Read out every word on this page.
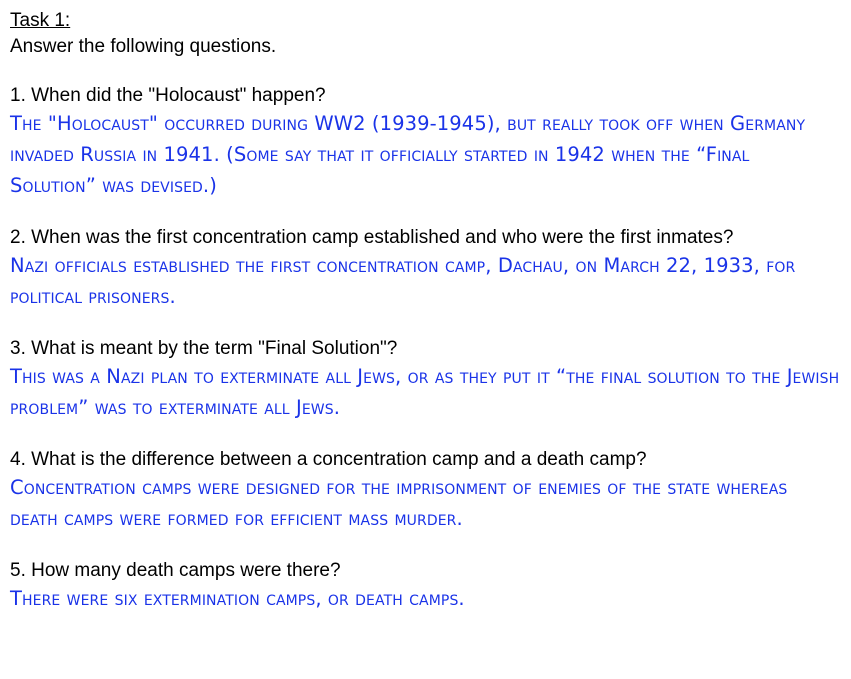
Task 1:

Answer the following questions.

1. When did the "Holocaust" happen?

The "Holocaust" occurred during WW2 (1939-1945), but really took off when Germany invaded Russia in 1941. (Some say that it officially started in 1942 when the “Final Solution” was devised.)

2. When was the first concentration camp established and who were the first inmates?

Nazi officials established the first concentration camp, Dachau, on March 22, 1933, for political prisoners.

3. What is meant by the term "Final Solution"?

This was a Nazi plan to exterminate all Jews, or as they put it “the final solution to the Jewish problem” was to exterminate all Jews.

4. What is the difference between a concentration camp and a death camp?

Concentration camps were designed for the imprisonment of enemies of the state whereas death camps were formed for efficient mass murder.

5. How many death camps were there?

There were six extermination camps, or death camps.
